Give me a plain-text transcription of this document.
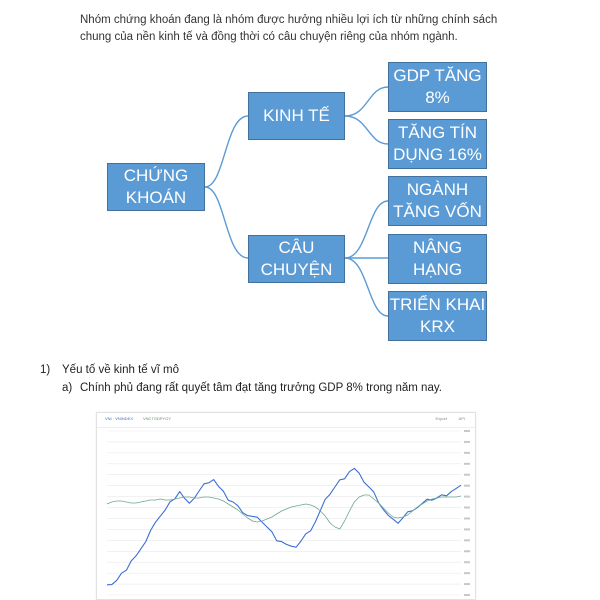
Nhóm chứng khoán đang là nhóm được hưởng nhiều lợi ích từ những chính sách chung của nền kinh tế và đồng thời có câu chuyện riêng của nhóm ngành.
CHỨNG
KHOÁN
KINH TẾ
CÂU
CHUYỆN
GDP TĂNG
8%
TĂNG TÍN
DỤNG 16%
NGÀNH
TĂNG VỐN
NÂNG
HẠNG
TRIỂN KHAI
KRX
1) Yếu tố về kinh tế vĩ mô
a) Chính phủ đang rất quyết tâm đạt tăng trưởng GDP 8% trong năm nay.
VNI · VNINDEX VNCTGDPYOY	Export	API
